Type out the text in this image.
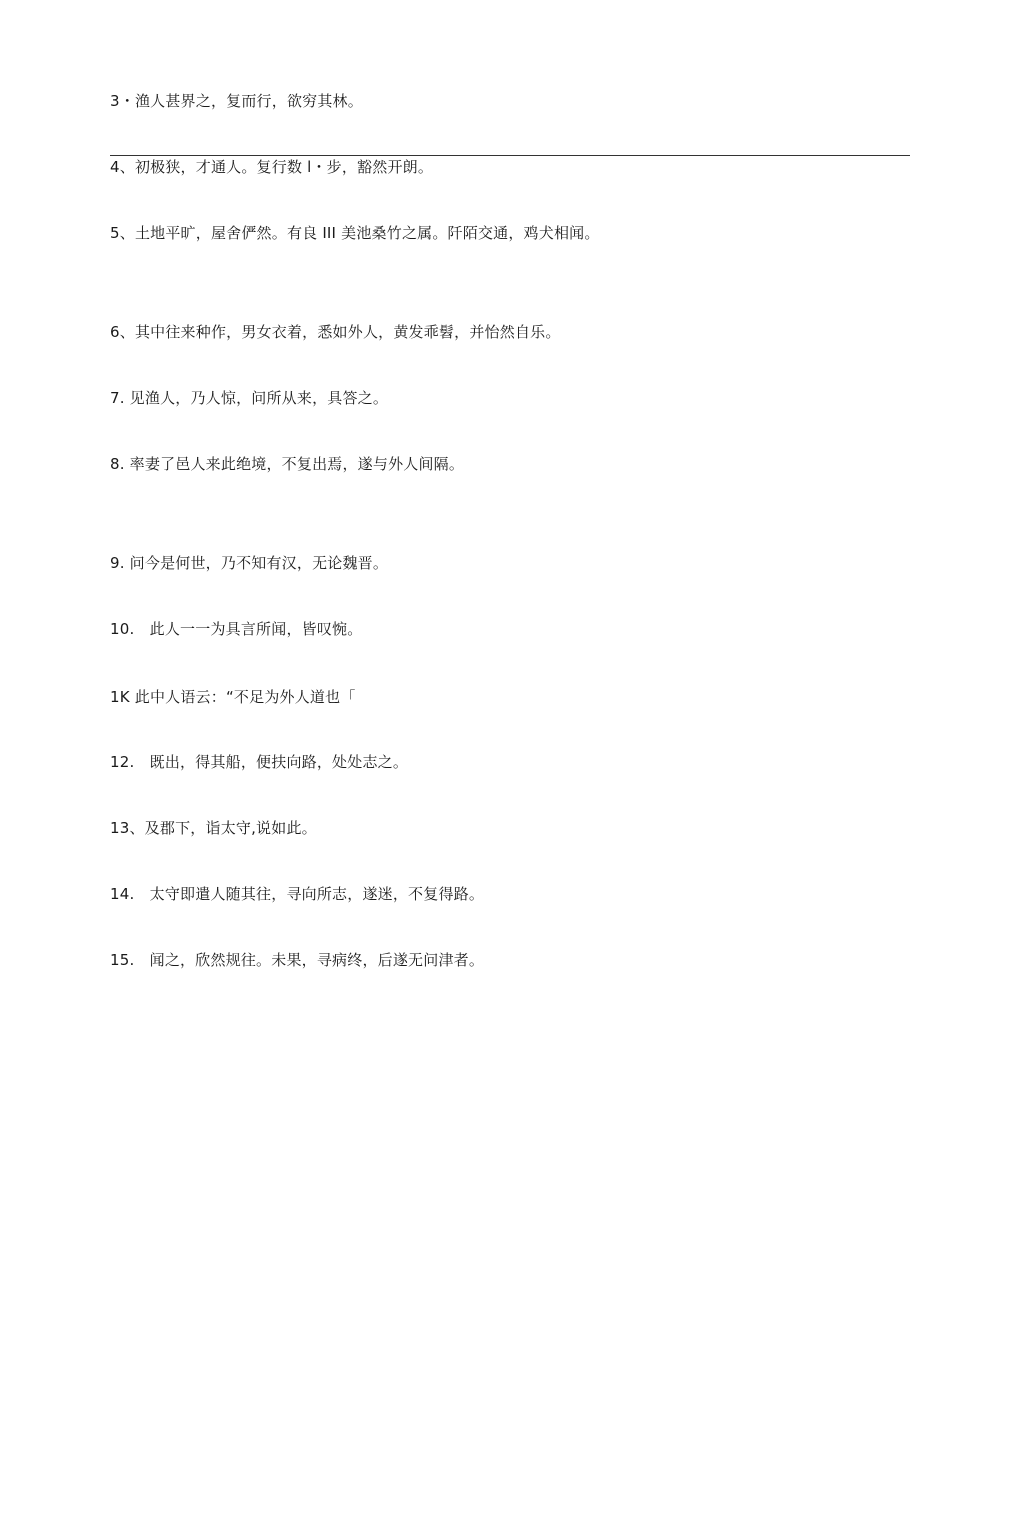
3・渔人甚界之，复而行，欲穷其林。
4、初极狭，才通人。复行数 l・步，豁然开朗。
5、土地平旷，屋舍俨然。有良 III 美池桑竹之属。阡陌交通，鸡犬相闻。
6、其中往来种作，男女衣着，悉如外人，黄发乖髫，并怡然自乐。
7. 见渔人，乃人惊，问所从来，具答之。
8. 率妻了邑人来此绝境，不复出焉，遂与外人间隔。
9. 问今是何世，乃不知有汉，无论魏晋。
10.　此人一一为具言所闻，皆叹惋。
1K 此中人语云：“不足为外人道也「
12.　既出，得其船，便扶向路，处处志之。
13、及郡下，诣太守,说如此。
14.　太守即遣人随其往，寻向所志，遂迷，不复得路。
15.　闻之，欣然规往。未果，寻病终，后遂无问津者。
